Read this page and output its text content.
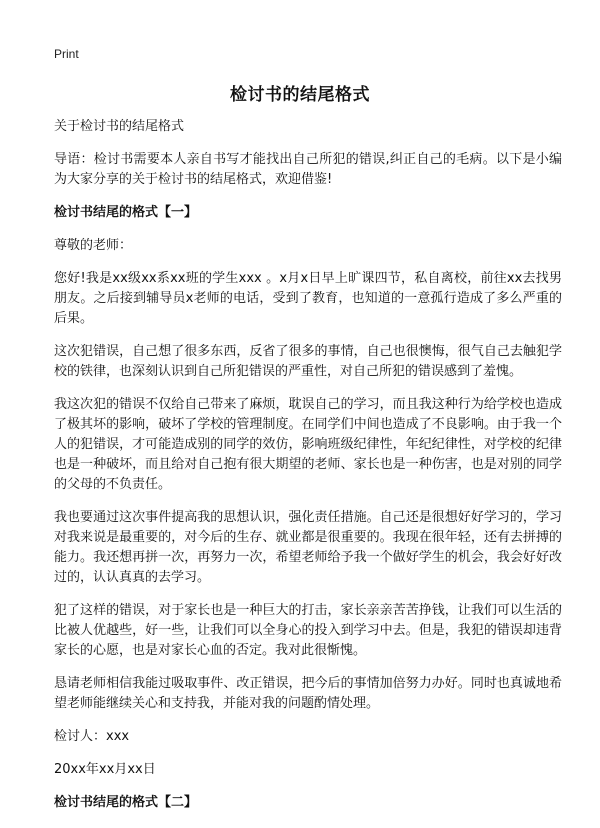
Print
检讨书的结尾格式
关于检讨书的结尾格式
导语：检讨书需要本人亲自书写才能找出自己所犯的错误,纠正自己的毛病。以下是小编为大家分享的关于检讨书的结尾格式，欢迎借鉴!
检讨书结尾的格式【一】
尊敬的老师：
您好!我是xx级xx系xx班的学生xxx 。x月x日早上旷课四节，私自离校，前往xx去找男朋友。之后接到辅导员x老师的电话，受到了教育，也知道的一意孤行造成了多么严重的后果。
这次犯错误，自己想了很多东西，反省了很多的事情，自己也很懊悔，很气自己去触犯学校的铁律，也深刻认识到自己所犯错误的严重性，对自己所犯的错误感到了羞愧。
我这次犯的错误不仅给自己带来了麻烦，耽误自己的学习，而且我这种行为给学校也造成了极其坏的影响，破坏了学校的管理制度。在同学们中间也造成了不良影响。由于我一个人的犯错误，才可能造成别的同学的效仿，影响班级纪律性，年纪纪律性，对学校的纪律也是一种破坏，而且给对自己抱有很大期望的老师、家长也是一种伤害，也是对别的同学的父母的不负责任。
我也要通过这次事件提高我的思想认识，强化责任措施。自己还是很想好好学习的，学习对我来说是最重要的，对今后的生存、就业都是很重要的。我现在很年轻，还有去拼搏的能力。我还想再拼一次，再努力一次，希望老师给予我一个做好学生的机会，我会好好改过的，认认真真的去学习。
犯了这样的错误，对于家长也是一种巨大的打击，家长亲亲苦苦挣钱，让我们可以生活的比被人优越些，好一些，让我们可以全身心的投入到学习中去。但是，我犯的错误却违背家长的心愿，也是对家长心血的否定。我对此很惭愧。
恳请老师相信我能过吸取事件、改正错误，把今后的事情加倍努力办好。同时也真诚地希望老师能继续关心和支持我，并能对我的问题酌情处理。
检讨人：xxx
20xx年xx月xx日
检讨书结尾的格式【二】
